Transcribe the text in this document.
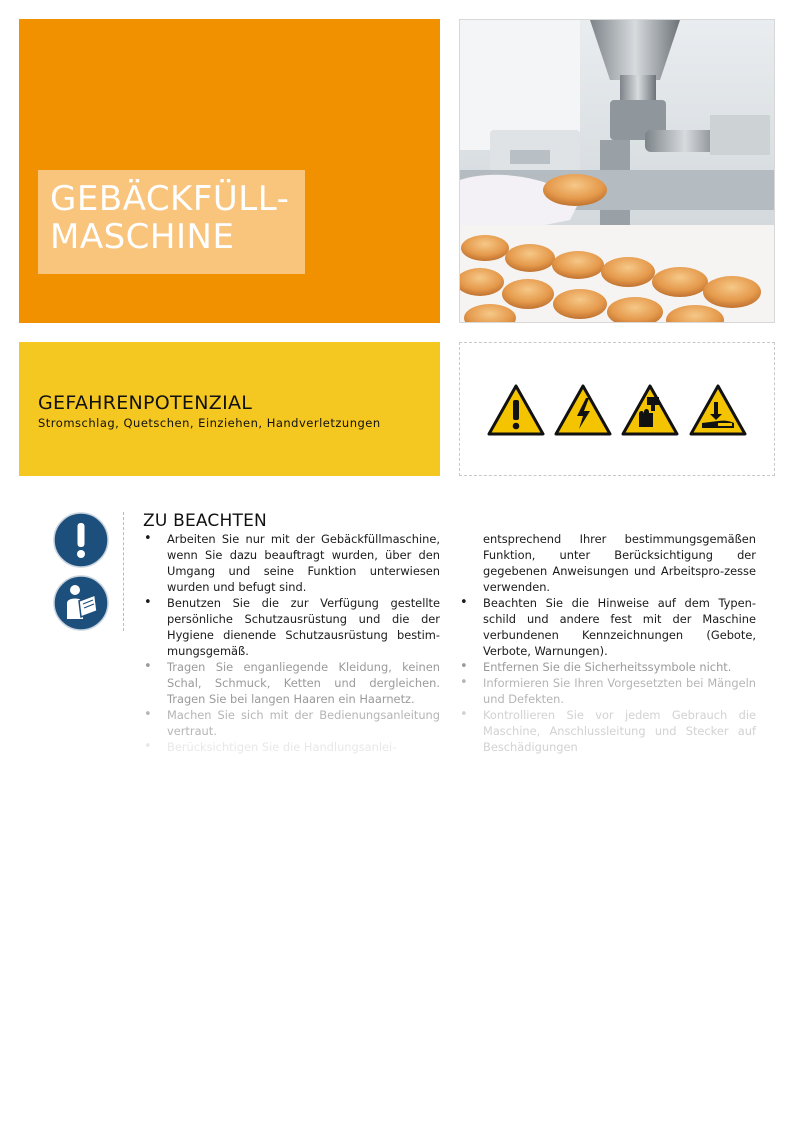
GEBÄCKFÜLL-
MASCHINE
GEFAHRENPOTENZIAL
Stromschlag, Quetschen, Einziehen, Handverletzungen
ZU BEACHTEN
• Arbeiten Sie nur mit der Gebäckfüllmaschine, wenn Sie dazu beauftragt wurden, über den Umgang und seine Funktion unterwiesen wurden und befugt sind.
• Benutzen Sie die zur Verfügung gestellte persönliche Schutzausrüstung und die der Hygiene dienende Schutzausrüstung bestim-mungsgemäß.
• Tragen Sie enganliegende Kleidung, keinen Schal, Schmuck, Ketten und dergleichen. Tragen Sie bei langen Haaren ein Haarnetz.
• Machen Sie sich mit der Bedienungsanleitung vertraut.
• Berücksichtigen Sie die Handlungsanlei-
entsprechend Ihrer bestimmungsgemäßen Funktion, unter Berücksichtigung der gegebenen Anweisungen und Arbeitspro-zesse verwenden.
• Beachten Sie die Hinweise auf dem Typen-schild und andere fest mit der Maschine verbundenen Kennzeichnungen (Gebote, Verbote, Warnungen).
• Entfernen Sie die Sicherheitssymbole nicht.
• Informieren Sie Ihren Vorgesetzten bei Mängeln und Defekten.
• Kontrollieren Sie vor jedem Gebrauch die Maschine, Anschlussleitung und Stecker auf Beschädigungen
